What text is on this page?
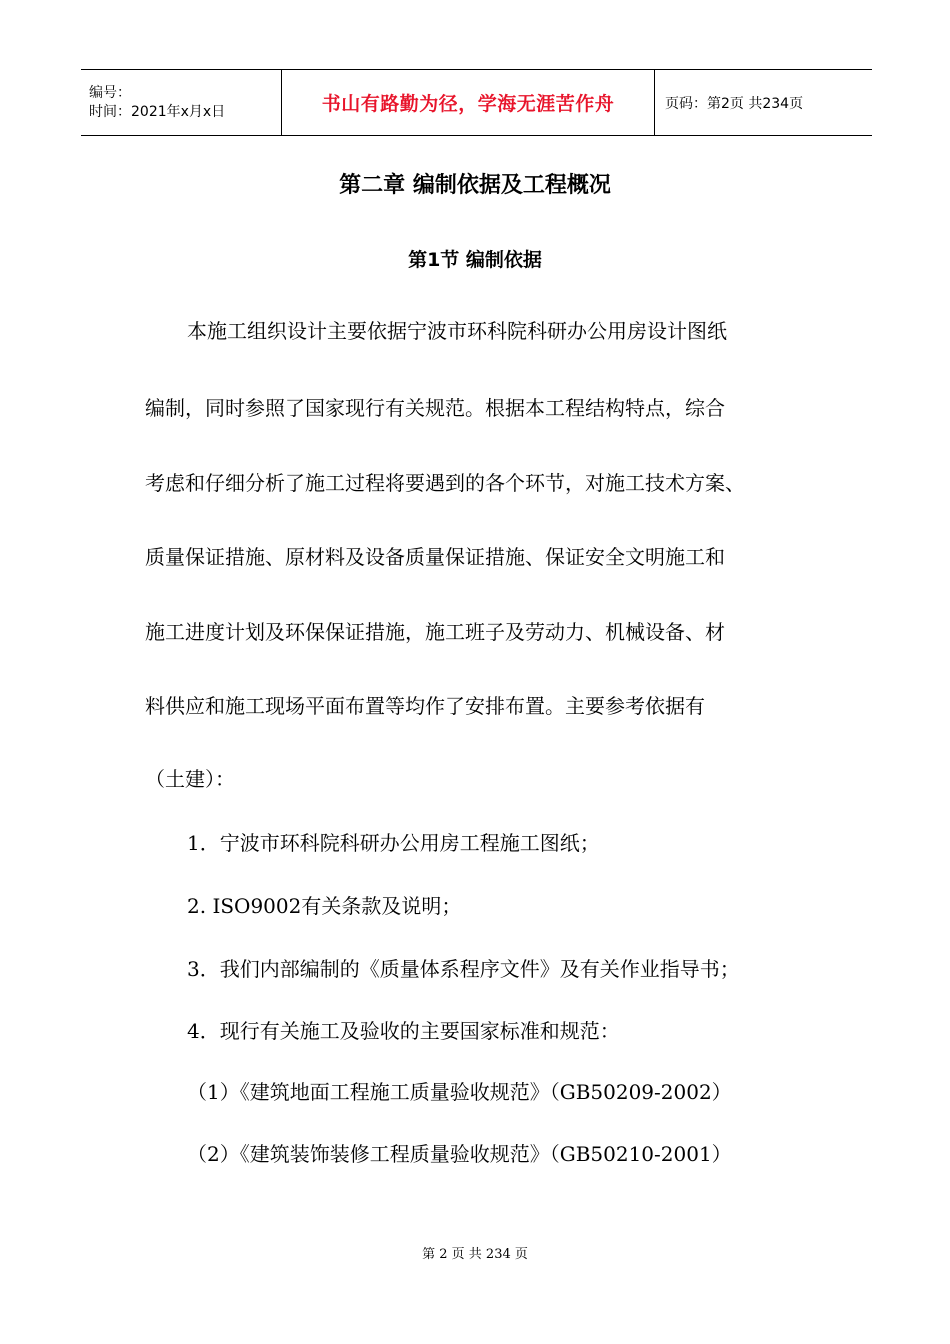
编号：
时间：2021年x月x日	书山有路勤为径，学海无涯苦作舟	页码：第2页 共234页
第二章 编制依据及工程概况
第1节 编制依据
本施工组织设计主要依据宁波市环科院科研办公用房设计图纸
编制，同时参照了国家现行有关规范。根据本工程结构特点，综合
考虑和仔细分析了施工过程将要遇到的各个环节，对施工技术方案、
质量保证措施、原材料及设备质量保证措施、保证安全文明施工和
施工进度计划及环保保证措施，施工班子及劳动力、机械设备、材
料供应和施工现场平面布置等均作了安排布置。主要参考依据有
（土建）：
1．宁波市环科院科研办公用房工程施工图纸；
2. ISO9002有关条款及说明；
3．我们内部编制的《质量体系程序文件》及有关作业指导书；
4．现行有关施工及验收的主要国家标准和规范：
（1）《建筑地面工程施工质量验收规范》（GB50209-2002）
（2）《建筑装饰装修工程质量验收规范》（GB50210-2001）
第 2 页 共 234 页
